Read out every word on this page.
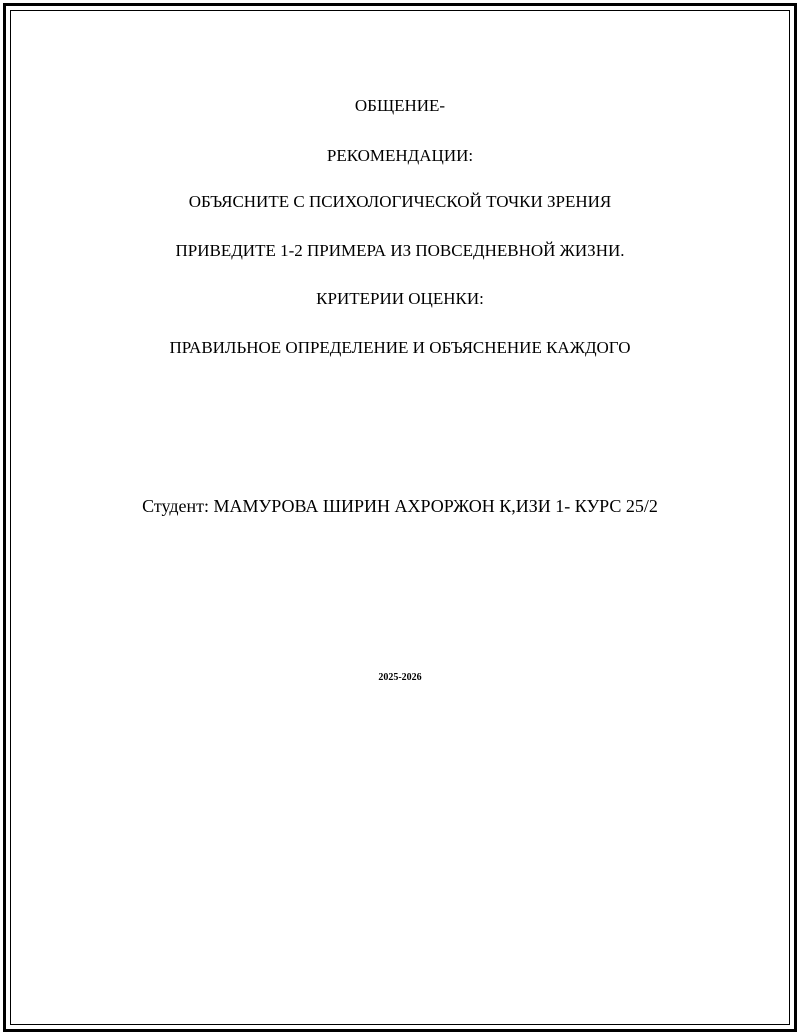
ОБЩЕНИЕ-
РЕКОМЕНДАЦИИ:
ОБЪЯСНИТЕ С ПСИХОЛОГИЧЕСКОЙ ТОЧКИ ЗРЕНИЯ
ПРИВЕДИТЕ 1-2 ПРИМЕРА ИЗ ПОВСЕДНЕВНОЙ ЖИЗНИ.
КРИТЕРИИ ОЦЕНКИ:
ПРАВИЛЬНОЕ ОПРЕДЕЛЕНИЕ И ОБЪЯСНЕНИЕ КАЖДОГО
Студент: МАМУРОВА ШИРИН АХРОРЖОН К,ИЗИ 1- КУРС 25/2
2025-2026
